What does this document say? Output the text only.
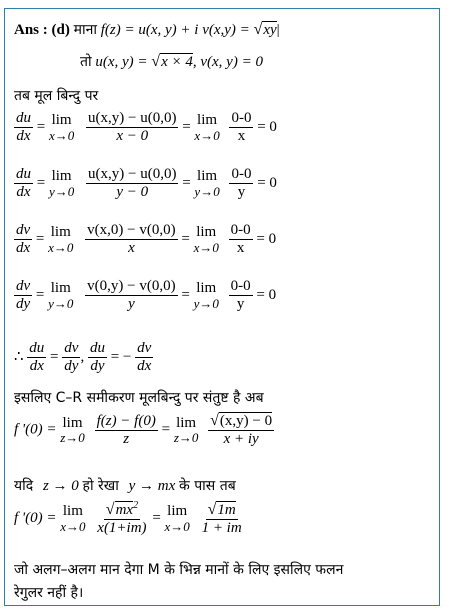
Ans : (d) माना f(z) = u(x, y) + i v(x,y) = √xy|
तो u(x, y) = √x × 4, v(x, y) = 0
तब मूल बिन्दु पर
$\frac{du}{dx} = \lim$
x→0
$\frac{u(x,y) - u(0,0)}{x - 0} = \lim$
x→0
$\frac{0-0}{x} = 0$
$\frac{du}{dx} = \lim$
y→0
$\frac{u(x,y) - u(0,0)}{y - 0} = \lim$
y→0
$\frac{0-0}{y} = 0$
$\frac{dv}{dx} = \lim$
x→0
$\frac{v(x,0) - v(0,0)}{x} = \lim$
x→0
$\frac{0-0}{x} = 0$
$\frac{dv}{dy} = \lim$
y→0
$\frac{v(0,y) - v(0,0)}{y} = \lim$
y→0
$\frac{0-0}{y} = 0$
∴ $\frac{du}{dx} = \frac{dv}{dy}$ , $\frac{du}{dy}$ = − $\frac{dv}{dx}$
इसलिए C–R समीकरण मूलबिन्दु पर संतुष्ट है अब
f '(0) = lim
z→0
$\frac{f(z) - f(0)}{z} = \lim$
z→0
$\frac{√(x,y) - 0}{x + iy}$
यदि z → 0 हो रेखा y → mx के पास तब
f '(0) = lim
x→0
$\frac{√mx^2}{x(1+im)} = \lim$
x→0
$\frac{√1m}{1 + im}$
जो अलग–अलग मान देगा M के भिन्न मानों के लिए इसलिए फलन
रेगुलर नहीं है।
